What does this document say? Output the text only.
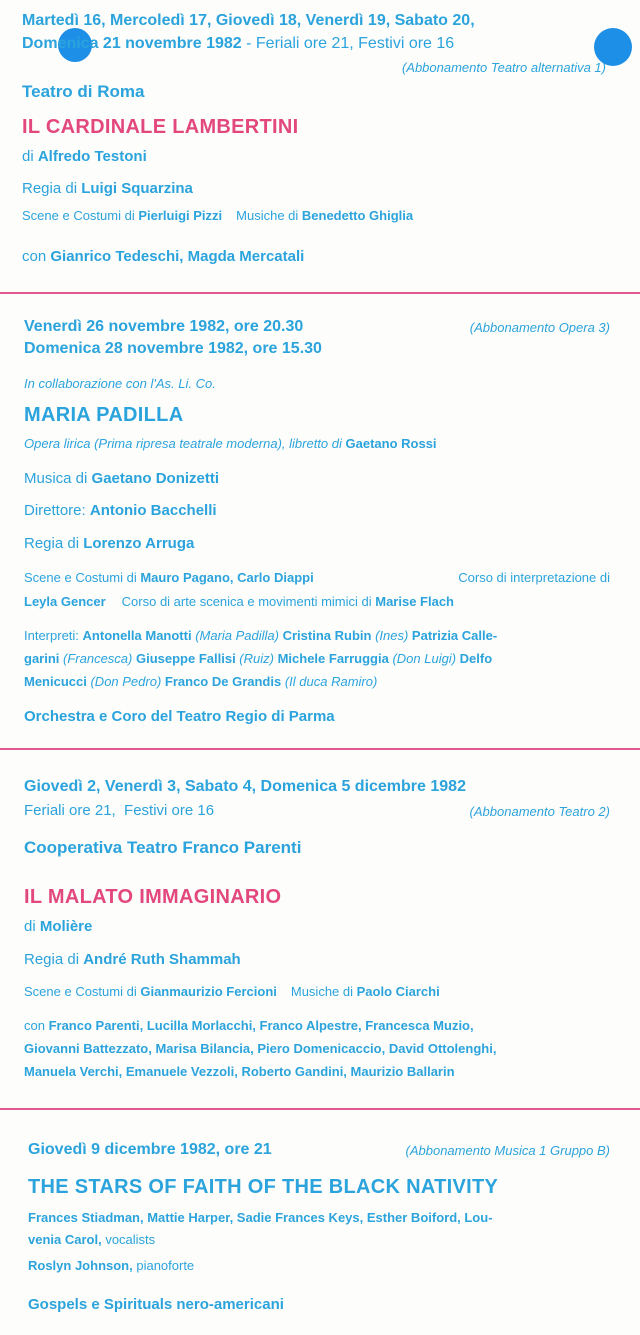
Martedì 16, Mercoledì 17, Giovedì 18, Venerdì 19, Sabato 20,
Domenica 21 novembre 1982 - Feriali ore 21, Festivi ore 16
(Abbonamento Teatro alternativa 1)
Teatro di Roma
IL CARDINALE LAMBERTINI
di Alfredo Testoni
Regia di Luigi Squarzina
Scene e Costumi di Pierluigi Pizzi Musiche di Benedetto Ghiglia
con Gianrico Tedeschi, Magda Mercatali
Venerdì 26 novembre 1982, ore 20.30	(Abbonamento Opera 3)
Domenica 28 novembre 1982, ore 15.30
In collaborazione con l'As. Li. Co.
MARIA PADILLA
Opera lirica (Prima ripresa teatrale moderna), libretto di Gaetano Rossi
Musica di Gaetano Donizetti
Direttore: Antonio Bacchelli
Regia di Lorenzo Arruga
Scene e Costumi di Mauro Pagano, Carlo Diappi	Corso di interpretazione di
Leyla Gencer Corso di arte scenica e movimenti mimici di Marise Flach
Interpreti: Antonella Manotti (Maria Padilla) Cristina Rubin (Ines) Patrizia Calle-
garini (Francesca) Giuseppe Fallisi (Ruiz) Michele Farruggia (Don Luigi) Delfo
Menicucci (Don Pedro) Franco De Grandis (Il duca Ramiro)
Orchestra e Coro del Teatro Regio di Parma
Giovedì 2, Venerdì 3, Sabato 4, Domenica 5 dicembre 1982
Feriali ore 21,  Festivi ore 16	(Abbonamento Teatro 2)
Cooperativa Teatro Franco Parenti
IL MALATO IMMAGINARIO
di Molière
Regia di André Ruth Shammah
Scene e Costumi di Gianmaurizio Fercioni Musiche di Paolo Ciarchi
con Franco Parenti, Lucilla Morlacchi, Franco Alpestre, Francesca Muzio,
Giovanni Battezzato, Marisa Bilancia, Piero Domenicaccio, David Ottolenghi,
Manuela Verchi, Emanuele Vezzoli, Roberto Gandini, Maurizio Ballarin
Giovedì 9 dicembre 1982, ore 21	(Abbonamento Musica 1 Gruppo B)
THE STARS OF FAITH OF THE BLACK NATIVITY
Frances Stiadman, Mattie Harper, Sadie Frances Keys, Esther Boiford, Lou-
venia Carol, vocalists
Roslyn Johnson, pianoforte
Gospels e Spirituals nero-americani
